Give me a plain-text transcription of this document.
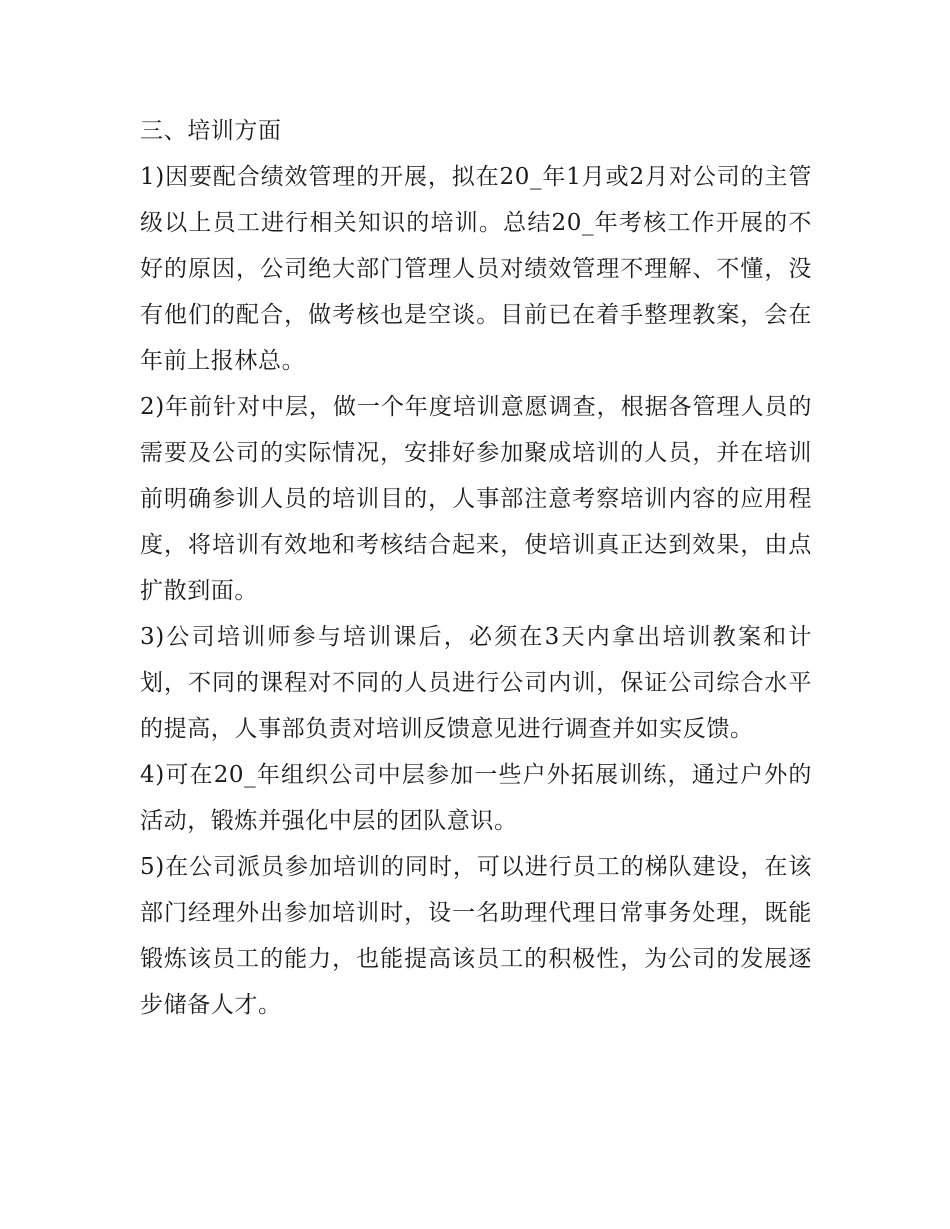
三、培训方面

1)因要配合绩效管理的开展，拟在20_年1月或2月对公司的主管级以上员工进行相关知识的培训。总结20_年考核工作开展的不好的原因，公司绝大部门管理人员对绩效管理不理解、不懂，没有他们的配合，做考核也是空谈。目前已在着手整理教案，会在年前上报林总。

2)年前针对中层，做一个年度培训意愿调查，根据各管理人员的需要及公司的实际情况，安排好参加聚成培训的人员，并在培训前明确参训人员的培训目的，人事部注意考察培训内容的应用程度，将培训有效地和考核结合起来，使培训真正达到效果，由点扩散到面。

3)公司培训师参与培训课后，必须在3天内拿出培训教案和计划，不同的课程对不同的人员进行公司内训，保证公司综合水平的提高，人事部负责对培训反馈意见进行调查并如实反馈。

4)可在20_年组织公司中层参加一些户外拓展训练，通过户外的活动，锻炼并强化中层的团队意识。

5)在公司派员参加培训的同时，可以进行员工的梯队建设，在该部门经理外出参加培训时，设一名助理代理日常事务处理，既能锻炼该员工的能力，也能提高该员工的积极性，为公司的发展逐步储备人才。
